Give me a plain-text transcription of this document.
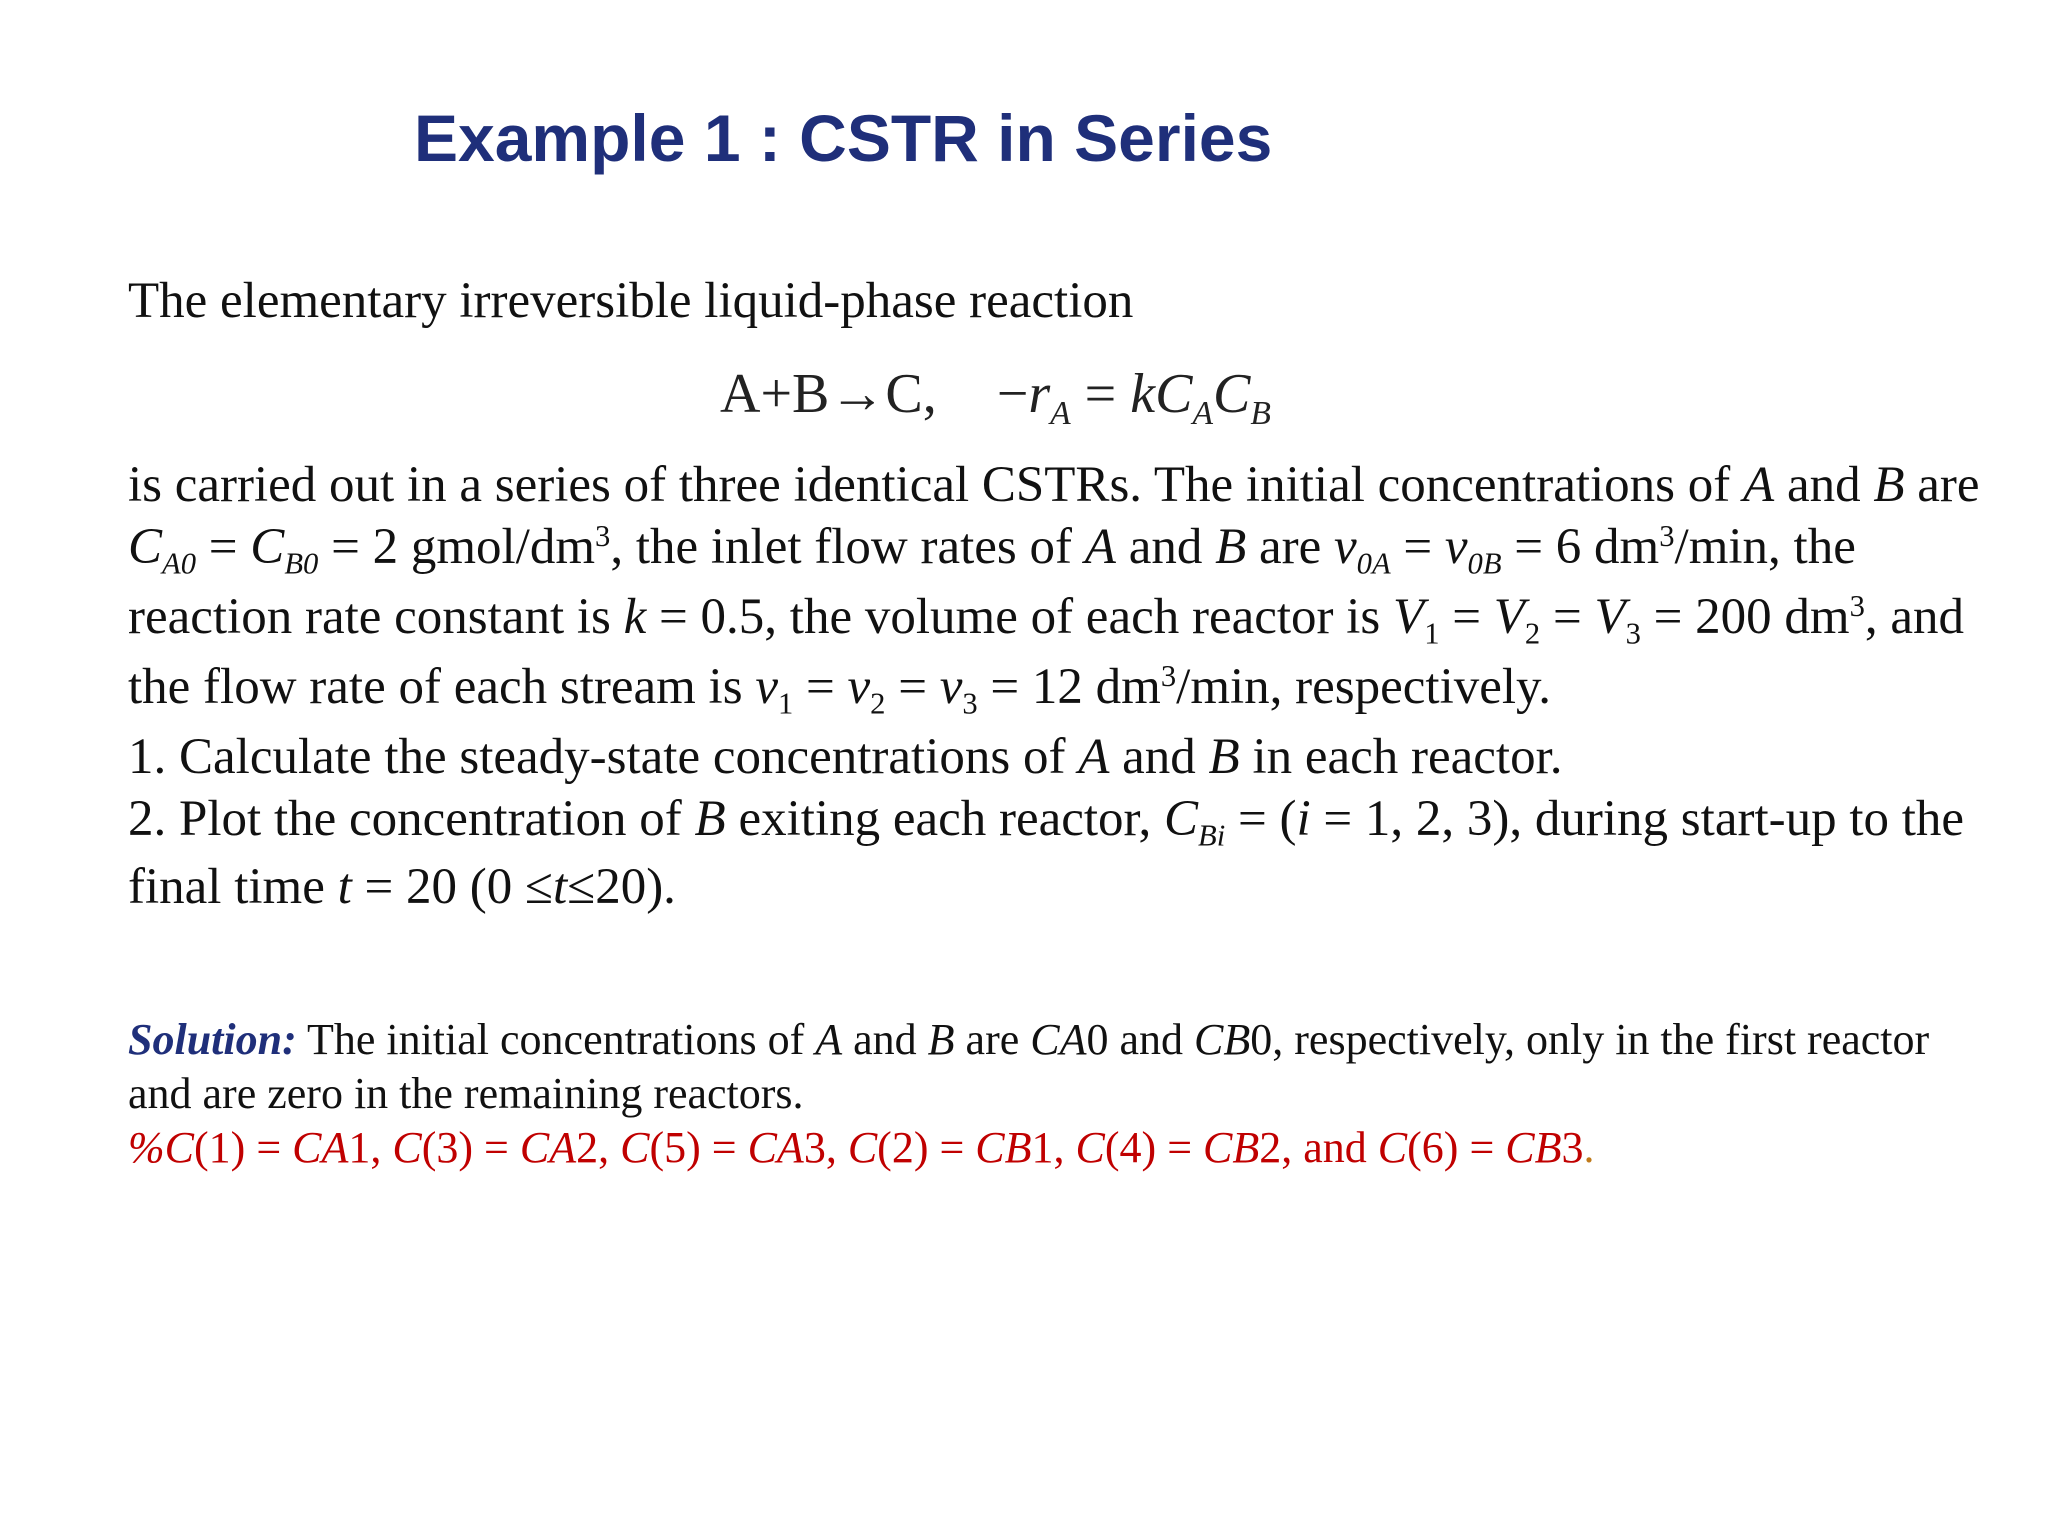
Example 1 : CSTR in Series
The elementary irreversible liquid-phase reaction
A+B→C, $-r_A = kC_AC_B$
is carried out in a series of three identical CSTRs. The initial concentrations of A and B are
$C_{A0} = C_{B0} = 2$ gmol/$dm^3$, the inlet flow rates of A and B are $v_{0A} = v_{0B} = 6$ $dm^3/\min$, the
reaction rate constant is k = 0.5, the volume of each reactor is $V_1 = V_2 = V_3 = 200$ $dm^3$, and
the flow rate of each stream is $v_1 = v_2 = v_3 = 12$ $dm^3/\min$, respectively.
1. Calculate the steady-state concentrations of A and B in each reactor.
2. Plot the concentration of B exiting each reactor, $C_{Bi} = (i = 1$, 2, 3), during start-up to the
final time t = 20 (0 ≤t≤20).
Solution: The initial concentrations of A and B are CA0 and CB0, respectively, only in the first reactor
and are zero in the remaining reactors.
%C(1) = CA1, C(3) = CA2, C(5) = CA3, C(2) = CB1, C(4) = CB2, and C(6) = CB3.
